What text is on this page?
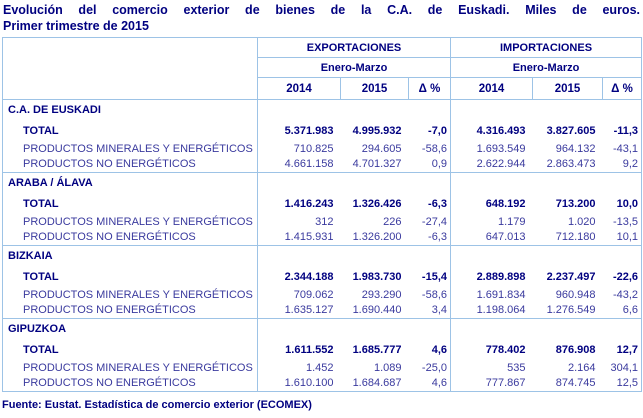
Evolución del comercio exterior de bienes de la C.A. de Euskadi. Miles de euros.
Primer trimestre de 2015
	EXPORTACIONES			IMPORTACIONES		
	Enero-Marzo			Enero-Marzo		
	2014	2015	Δ %	2014	2015	Δ %
C.A. DE EUSKADI						
TOTAL	5.371.983	4.995.932	-7,0	4.316.493	3.827.605	-11,3
PRODUCTOS MINERALES Y ENERGÉTICOS	710.825	294.605	-58,6	1.693.549	964.132	-43,1
PRODUCTOS NO ENERGÉTICOS	4.661.158	4.701.327	0,9	2.622.944	2.863.473	9,2
ARABA / ÁLAVA						
TOTAL	1.416.243	1.326.426	-6,3	648.192	713.200	10,0
PRODUCTOS MINERALES Y ENERGÉTICOS	312	226	-27,4	1.179	1.020	-13,5
PRODUCTOS NO ENERGÉTICOS	1.415.931	1.326.200	-6,3	647.013	712.180	10,1
BIZKAIA						
TOTAL	2.344.188	1.983.730	-15,4	2.889.898	2.237.497	-22,6
PRODUCTOS MINERALES Y ENERGÉTICOS	709.062	293.290	-58,6	1.691.834	960.948	-43,2
PRODUCTOS NO ENERGÉTICOS	1.635.127	1.690.440	3,4	1.198.064	1.276.549	6,6
GIPUZKOA						
TOTAL	1.611.552	1.685.777	4,6	778.402	876.908	12,7
PRODUCTOS MINERALES Y ENERGÉTICOS	1.452	1.089	-25,0	535	2.164	304,1
PRODUCTOS NO ENERGÉTICOS	1.610.100	1.684.687	4,6	777.867	874.745	12,5
Fuente: Eustat. Estadística de comercio exterior (ECOMEX)
